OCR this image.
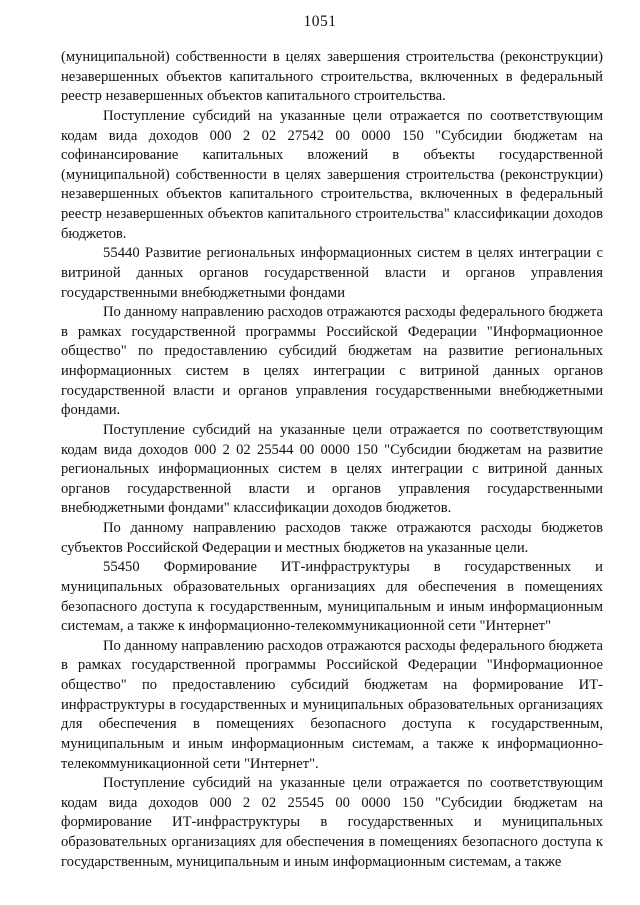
1051

(муниципальной) собственности в целях завершения строительства (реконструкции) незавершенных объектов капитального строительства, включенных в федеральный реестр незавершенных объектов капитального строительства.

Поступление субсидий на указанные цели отражается по соответствующим кодам вида доходов 000 2 02 27542 00 0000 150 "Субсидии бюджетам на софинансирование капитальных вложений в объекты государственной (муниципальной) собственности в целях завершения строительства (реконструкции) незавершенных объектов капитального строительства, включенных в федеральный реестр незавершенных объектов капитального строительства" классификации доходов бюджетов.

55440 Развитие региональных информационных систем в целях интеграции с витриной данных органов государственной власти и органов управления государственными внебюджетными фондами

По данному направлению расходов отражаются расходы федерального бюджета в рамках государственной программы Российской Федерации "Информационное общество" по предоставлению субсидий бюджетам на развитие региональных информационных систем в целях интеграции с витриной данных органов государственной власти и органов управления государственными внебюджетными фондами.

Поступление субсидий на указанные цели отражается по соответствующим кодам вида доходов 000 2 02 25544 00 0000 150 "Субсидии бюджетам на развитие региональных информационных систем в целях интеграции с витриной данных органов государственной власти и органов управления государственными внебюджетными фондами" классификации доходов бюджетов.

По данному направлению расходов также отражаются расходы бюджетов субъектов Российской Федерации и местных бюджетов на указанные цели.

55450 Формирование ИТ-инфраструктуры в государственных и муниципальных образовательных организациях для обеспечения в помещениях безопасного доступа к государственным, муниципальным и иным информационным системам, а также к информационно-телекоммуникационной сети "Интернет"

По данному направлению расходов отражаются расходы федерального бюджета в рамках государственной программы Российской Федерации "Информационное общество" по предоставлению субсидий бюджетам на формирование ИТ-инфраструктуры в государственных и муниципальных образовательных организациях для обеспечения в помещениях безопасного доступа к государственным, муниципальным и иным информационным системам, а также к информационно-телекоммуникационной сети "Интернет".

Поступление субсидий на указанные цели отражается по соответствующим кодам вида доходов 000 2 02 25545 00 0000 150 "Субсидии бюджетам на формирование ИТ-инфраструктуры в государственных и муниципальных образовательных организациях для обеспечения в помещениях безопасного доступа к государственным, муниципальным и иным информационным системам, а также
